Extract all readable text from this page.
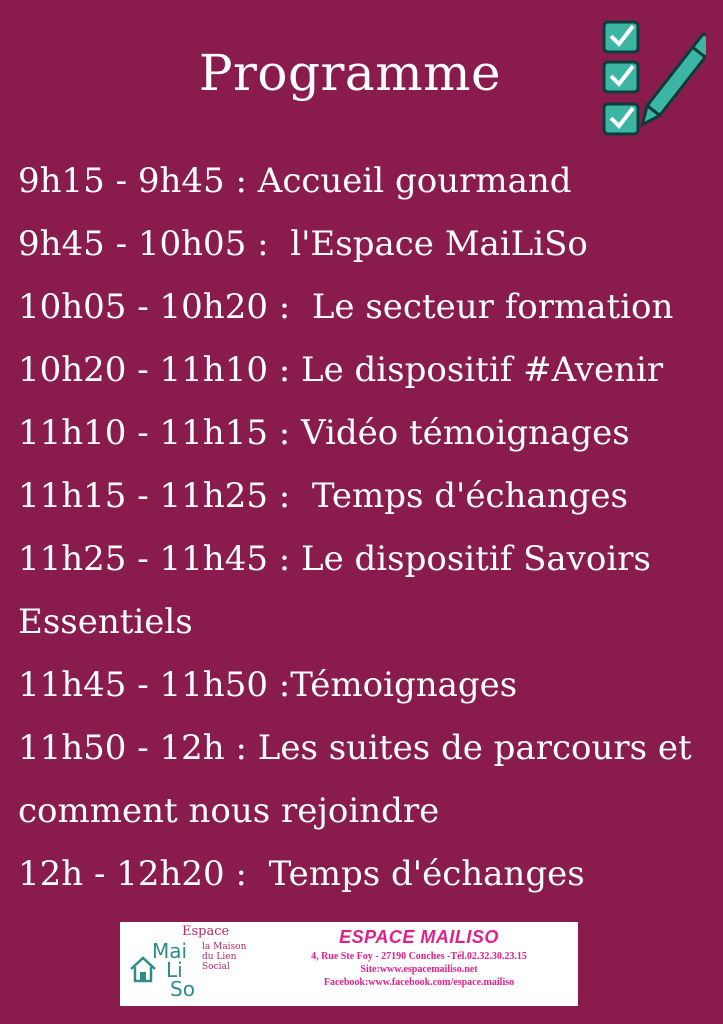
Programme
9h15 - 9h45 : Accueil gourmand
9h45 - 10h05 :  l'Espace MaiLiSo
10h05 - 10h20 :  Le secteur formation
10h20 - 11h10 : Le dispositif #Avenir
11h10 - 11h15 : Vidéo témoignages
11h15 - 11h25 :  Temps d'échanges
11h25 - 11h45 : Le dispositif Savoirs
Essentiels
11h45 - 11h50 :Témoignages
11h50 - 12h : Les suites de parcours et
comment nous rejoindre
12h - 12h20 :  Temps d'échanges
Espace
Mai
Li
So
la Maison
du Lien
Social
ESPACE MAILISO
4, Rue Ste Foy - 27190 Conches -Tél.02.32.30.23.15
Site:www.espacemailiso.net
Facebook:www.facebook.com/espace.mailiso
